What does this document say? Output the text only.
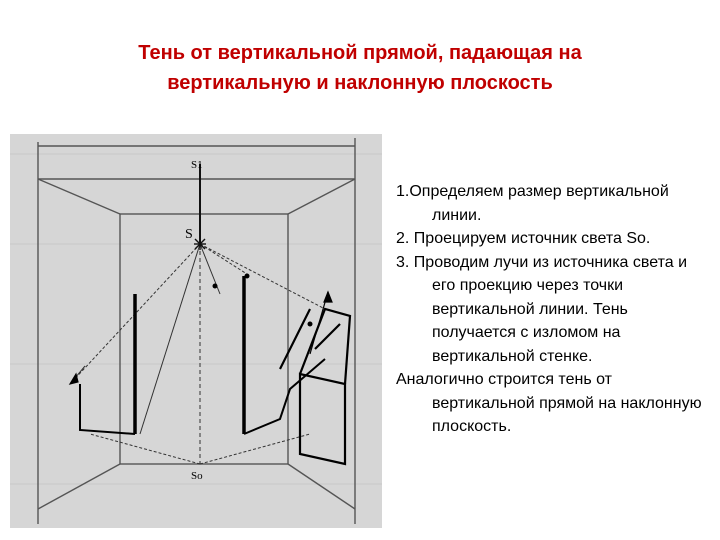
Тень от вертикальной прямой, падающая на
вертикальную и наклонную плоскость
S1
S
So

1.Определяем размер вертикальной линии.

2. Проецируем источник света So.

3. Проводим лучи из источника света и его проекцию через точки вертикальной линии. Тень получается с изломом на вертикальной стенке.

Аналогично строится тень от вертикальной прямой на наклонную плоскость.
